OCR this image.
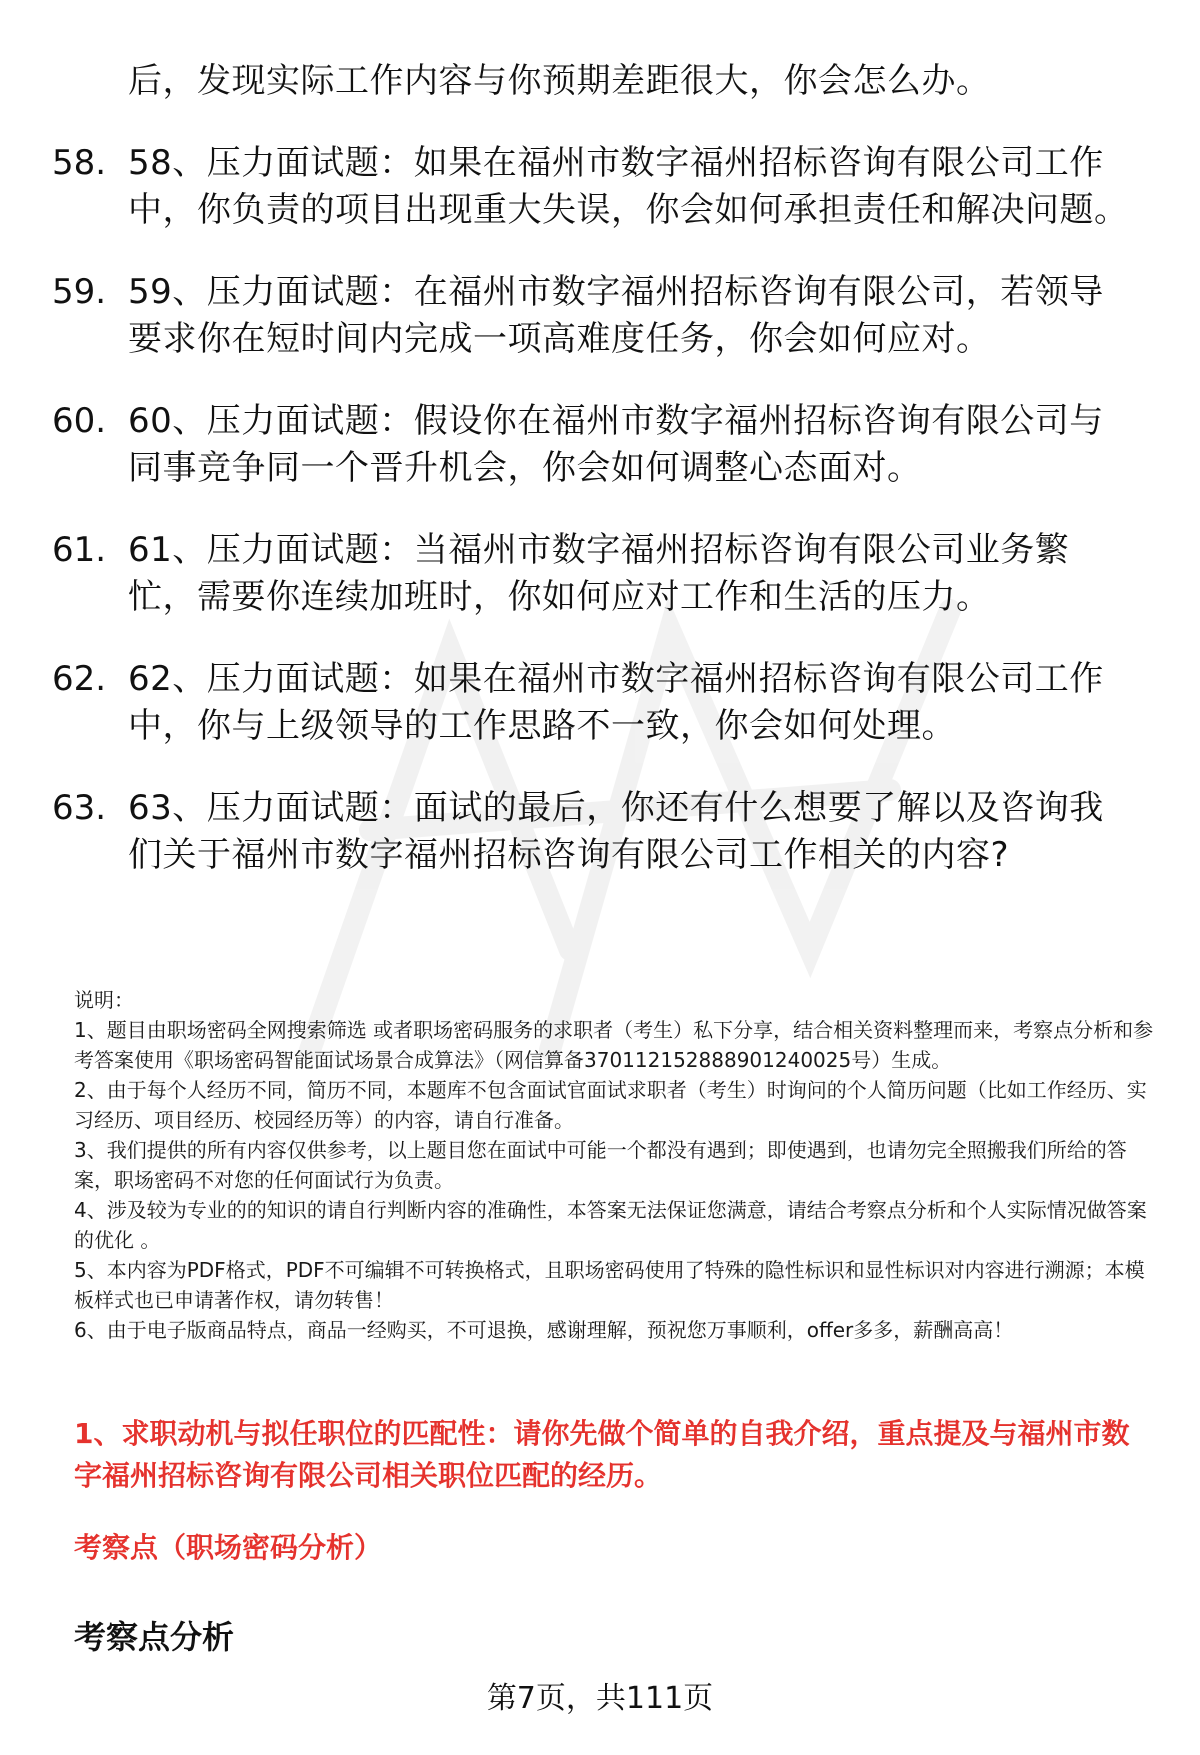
后，发现实际工作内容与你预期差距很大，你会怎么办。
58. 58、压力面试题：如果在福州市数字福州招标咨询有限公司工作中，你负责的项目出现重大失误，你会如何承担责任和解决问题。
59. 59、压力面试题：在福州市数字福州招标咨询有限公司，若领导要求你在短时间内完成一项高难度任务，你会如何应对。
60. 60、压力面试题：假设你在福州市数字福州招标咨询有限公司与同事竞争同一个晋升机会，你会如何调整心态面对。
61. 61、压力面试题：当福州市数字福州招标咨询有限公司业务繁忙，需要你连续加班时，你如何应对工作和生活的压力。
62. 62、压力面试题：如果在福州市数字福州招标咨询有限公司工作中，你与上级领导的工作思路不一致，你会如何处理。
63. 63、压力面试题：面试的最后，你还有什么想要了解以及咨询我们关于福州市数字福州招标咨询有限公司工作相关的内容?

说明：

1、题目由职场密码全网搜索筛选 或者职场密码服务的求职者（考生）私下分享，结合相关资料整理而来，考察点分析和参考答案使用《职场密码智能面试场景合成算法》（网信算备370112152888901240025号）生成。

2、由于每个人经历不同，简历不同，本题库不包含面试官面试求职者（考生）时询问的个人简历问题（比如工作经历、实习经历、项目经历、校园经历等）的内容，请自行准备。

3、我们提供的所有内容仅供参考，以上题目您在面试中可能一个都没有遇到；即使遇到，也请勿完全照搬我们所给的答案，职场密码不对您的任何面试行为负责。

4、涉及较为专业的的知识的请自行判断内容的准确性，本答案无法保证您满意，请结合考察点分析和个人实际情况做答案的优化 。

5、本内容为PDF格式，PDF不可编辑不可转换格式，且职场密码使用了特殊的隐性标识和显性标识对内容进行溯源；本模板样式也已申请著作权，请勿转售！

6、由于电子版商品特点，商品一经购买，不可退换，感谢理解，预祝您万事顺利，offer多多，薪酬高高！

1、求职动机与拟任职位的匹配性：请你先做个简单的自我介绍，重点提及与福州市数字福州招标咨询有限公司相关职位匹配的经历。
考察点（职场密码分析）
考察点分析
第7页，共111页
